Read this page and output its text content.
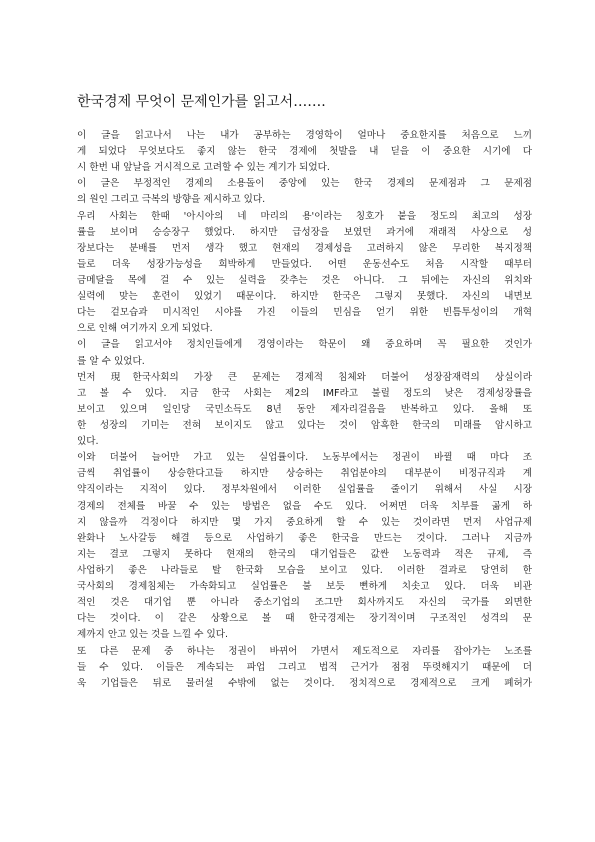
한국경제 무엇이 문제인가를 읽고서…….
이 글을 읽고나서 나는 내가 공부하는 경영학이 얼마나 중요한지를 처음으로 느끼
게 되었다 무엇보다도 좋지 않는 한국 경제에 첫발을 내 딛을 이 중요한 시기에 다
시 한번 내 앞날을 거시적으로 고려할 수 있는 계기가 되었다.
이 글은 부정적인 경제의 소용돌이 중앙에 있는 한국 경제의 문제점과 그 문제점
의 원인 그리고 극복의 방향을 제시하고 있다.
우리 사회는 한때 '아시아의 네 마리의 용'이라는 칭호가 붙을 정도의 최고의 성장
률을 보이며 승승장구 했었다. 하지만 급성장을 보였던 과거에 재래적 사상으로 성
장보다는 분배를 먼저 생각 했고 현재의 경제성을 고려하지 않은 무리한 복지정책
들로 더욱 성장가능성을 희박하게 만들었다. 어떤 운동선수도 처음 시작할 때부터
금메달을 목에 걸 수 있는 실력을 갖추는 것은 아니다. 그 뒤에는 자신의 위치와
실력에 맞는 훈련이 있었기 때문이다. 하지만 한국은 그렇지 못했다. 자신의 내면보
다는 겉모습과 미시적인 시야를 가진 이들의 민심을 얻기 위한 빈틈투성이의 개혁
으로 인해 여기까지 오게 되었다.
이 글을 읽고서야 정치인들에게 경영이라는 학문이 왜 중요하며 꼭 필요한 것인가
를 알 수 있었다.
먼저 現한국사회의 가장 큰 문제는 경제적 침체와 더불어 성장잠재력의 상실이라
고 볼 수 있다. 지금 한국 사회는 제2의 IMF라고 불릴 정도의 낮은 경제성장률을
보이고 있으며 일인당 국민소득도 8년 동안 제자리걸음을 반복하고 있다. 올해 또
한 성장의 기미는 전혀 보이지도 않고 있다는 것이 암흑한 한국의 미래를 암시하고
있다.
이와 더불어 늘어만 가고 있는 실업률이다. 노동부에서는 정권이 바뀔 때 마다 조
금씩 취업률이 상승한다고들 하지만 상승하는 취업분야의 대부분이 비정규직과 계
약직이라는 지적이 있다. 정부차원에서 이러한 실업률을 줄이기 위해서 사실 시장
경제의 전체를 바꿀 수 있는 방법은 없을 수도 있다. 어쩌면 더욱 치부를 곪게 하
지 않을까 걱정이다 하지만 몇 가지 중요하게 할 수 있는 것이라면 먼저 사업규제
완화나 노사갈등 해결 등으로 사업하기 좋은 한국을 만드는 것이다. 그러나 지금까
지는 결코 그렇지 못하다 현재의 한국의 대기업들은 값싼 노동력과 적은 규제, 즉
사업하기 좋은 나라들로 탈 한국화 모습을 보이고 있다. 이러한 결과로 당연히 한
국사회의 경제침체는 가속화되고 실업률은 불 보듯 뻔하게 치솟고 있다. 더욱 비관
적인 것은 대기업 뿐 아니라 중소기업의 조그만 회사까지도 자신의 국가를 외면한
다는 것이다. 이 같은 상황으로 볼 때 한국경제는 장기적이며 구조적인 성격의 문
제까지 안고 있는 것을 느낄 수 있다.
또 다른 문제 중 하나는 정권이 바뀌어 가면서 제도적으로 자리를 잡아가는 노조를
들 수 있다. 이들은 계속되는 파업 그리고 법적 근거가 점점 뚜렷해지기 때문에 더
욱 기업들은 뒤로 물러설 수밖에 없는 것이다. 정치적으로 경제적으로 크게 폐허가
